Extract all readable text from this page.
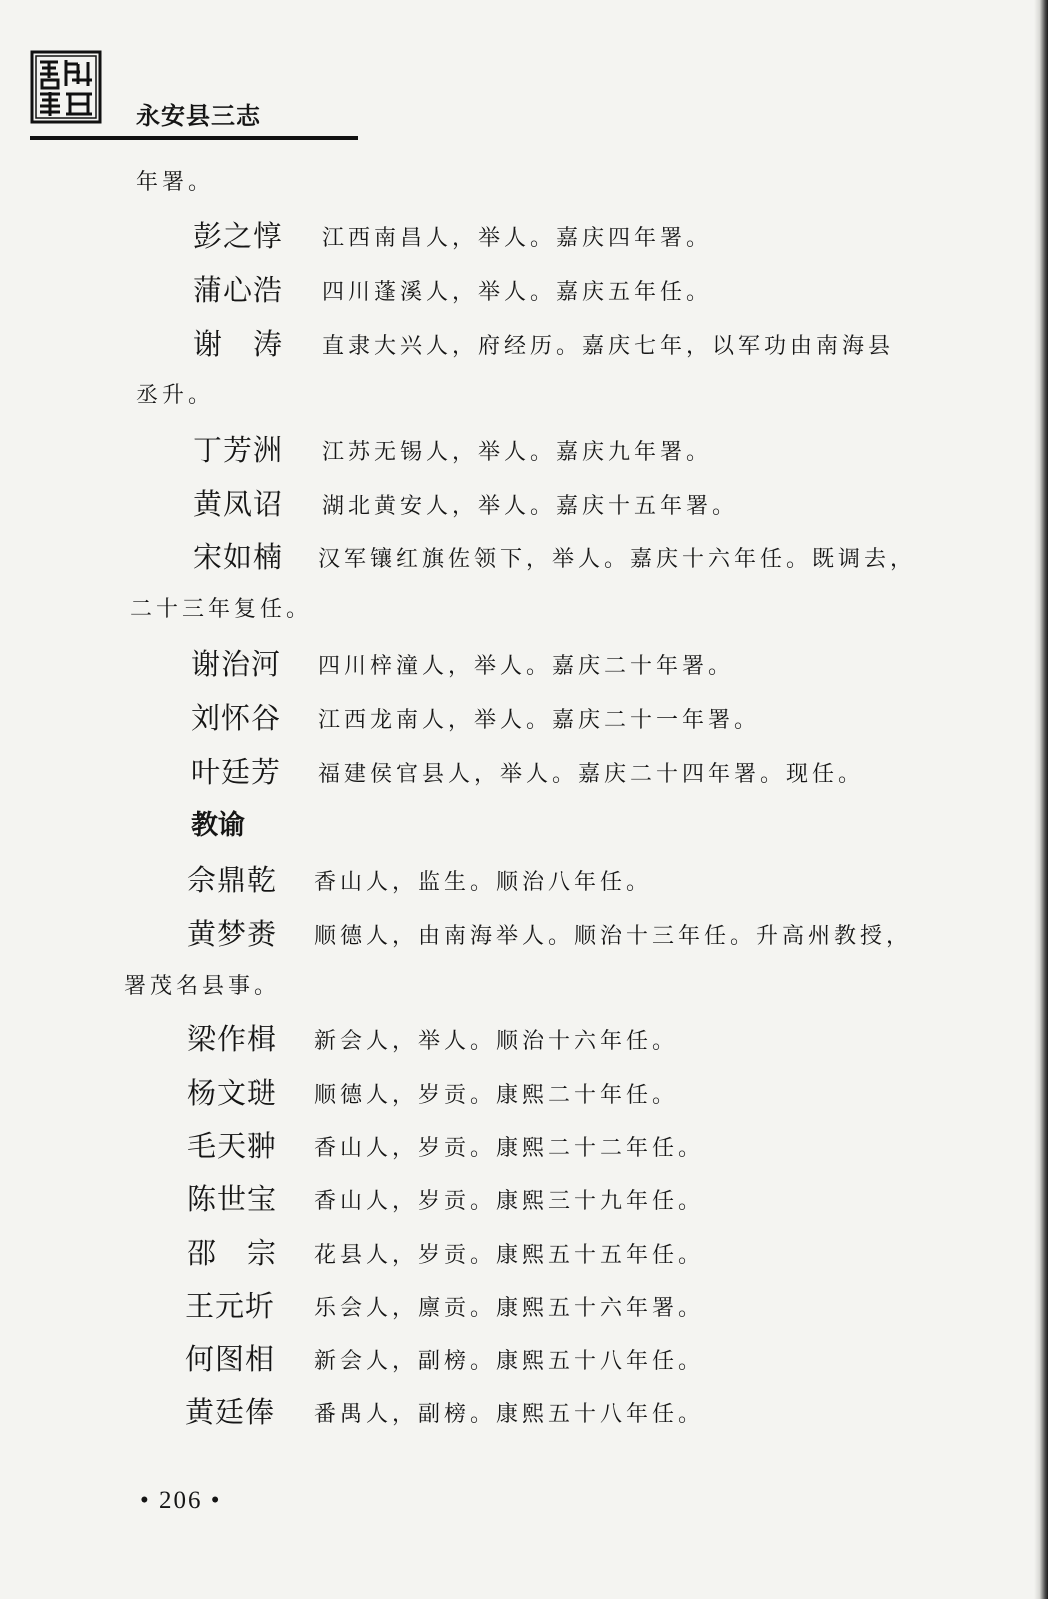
永安县三志
年署。
彭之惇 江西南昌人，举人。嘉庆四年署。
蒲心浩 四川蓬溪人，举人。嘉庆五年任。
谢　涛 直隶大兴人，府经历。嘉庆七年，以军功由南海县
丞升。
丁芳洲 江苏无锡人，举人。嘉庆九年署。
黄凤诏 湖北黄安人，举人。嘉庆十五年署。
宋如楠 汉军镶红旗佐领下，举人。嘉庆十六年任。既调去，
二十三年复任。
谢治河 四川梓潼人，举人。嘉庆二十年署。
刘怀谷 江西龙南人，举人。嘉庆二十一年署。
叶廷芳 福建侯官县人，举人。嘉庆二十四年署。现任。
教谕
佘鼎乾 香山人，监生。顺治八年任。
黄梦赉 顺德人，由南海举人。顺治十三年任。升高州教授，
署茂名县事。
梁作楫 新会人，举人。顺治十六年任。
杨文琎 顺德人，岁贡。康熙二十年任。
毛天翀 香山人，岁贡。康熙二十二年任。
陈世宝 香山人，岁贡。康熙三十九年任。
邵　宗 花县人，岁贡。康熙五十五年任。
王元圻 乐会人，廪贡。康熙五十六年署。
何图相 新会人，副榜。康熙五十八年任。
黄廷俸 番禺人，副榜。康熙五十八年任。
• 206 •
